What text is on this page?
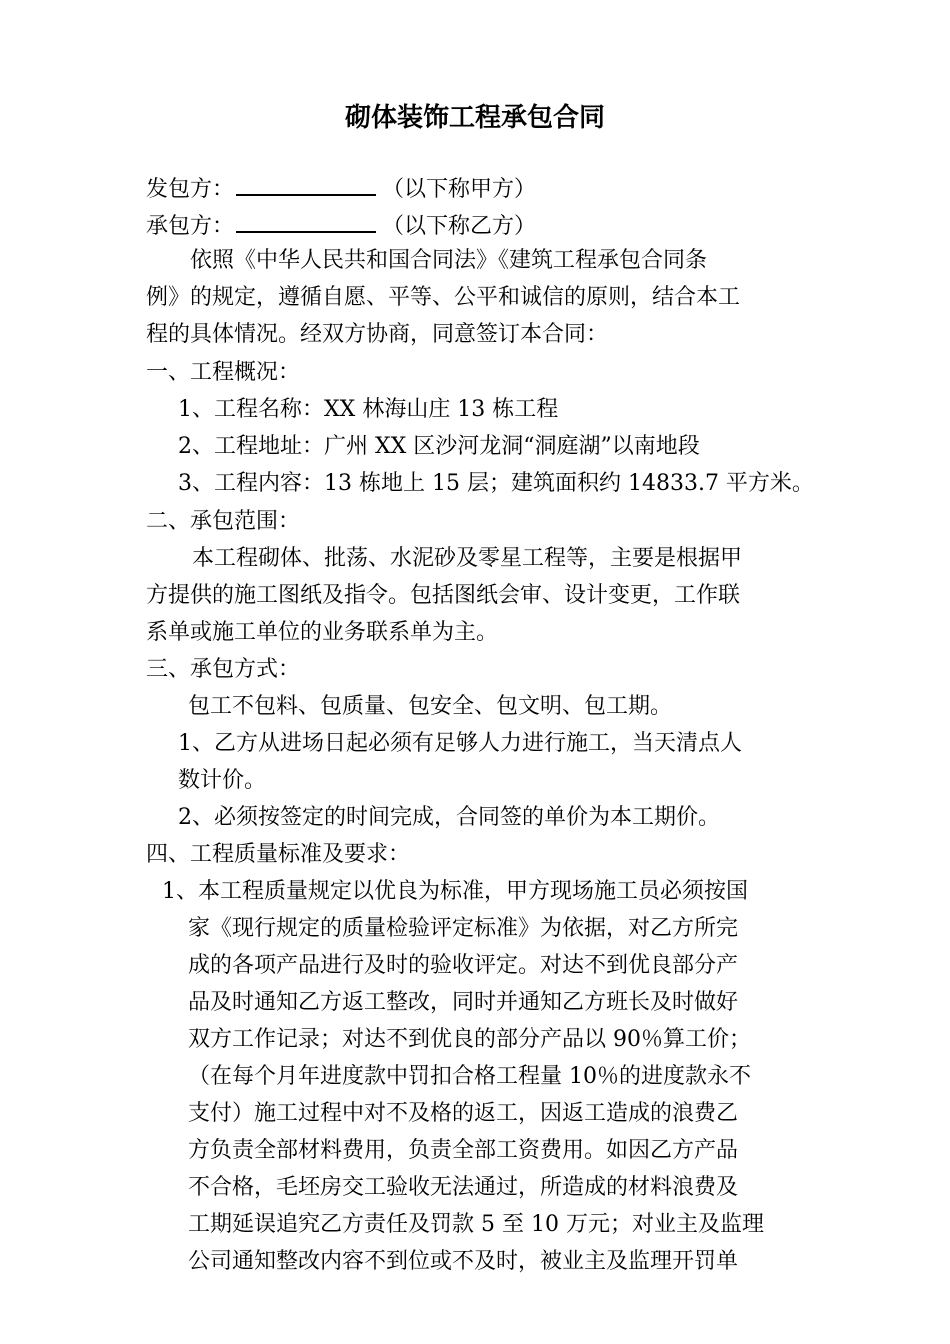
砌体装饰工程承包合同
发包方：	（以下称甲方）
承包方：	（以下称乙方）
依照《中华人民共和国合同法》《建筑工程承包合同条
例》的规定，遵循自愿、平等、公平和诚信的原则，结合本工
程的具体情况。经双方协商，同意签订本合同：
一、工程概况：
1、工程名称：XX 林海山庄 13 栋工程
2、工程地址：广州 XX 区沙河龙洞“洞庭湖”以南地段
3、工程内容：13 栋地上 15 层；建筑面积约 14833.7 平方米。
二、承包范围：
本工程砌体、批荡、水泥砂及零星工程等，主要是根据甲
方提供的施工图纸及指令。包括图纸会审、设计变更，工作联
系单或施工单位的业务联系单为主。
三、承包方式：
包工不包料、包质量、包安全、包文明、包工期。
1、乙方从进场日起必须有足够人力进行施工，当天清点人
数计价。
2、必须按签定的时间完成，合同签的单价为本工期价。
四、工程质量标准及要求：
1、本工程质量规定以优良为标准，甲方现场施工员必须按国
家《现行规定的质量检验评定标准》为依据，对乙方所完
成的各项产品进行及时的验收评定。对达不到优良部分产
品及时通知乙方返工整改，同时并通知乙方班长及时做好
双方工作记录；对达不到优良的部分产品以 90％算工价；
（在每个月年进度款中罚扣合格工程量 10％的进度款永不
支付）施工过程中对不及格的返工，因返工造成的浪费乙
方负责全部材料费用，负责全部工资费用。如因乙方产品
不合格，毛坯房交工验收无法通过，所造成的材料浪费及
工期延误追究乙方责任及罚款 5 至 10 万元；对业主及监理
公司通知整改内容不到位或不及时，被业主及监理开罚单
